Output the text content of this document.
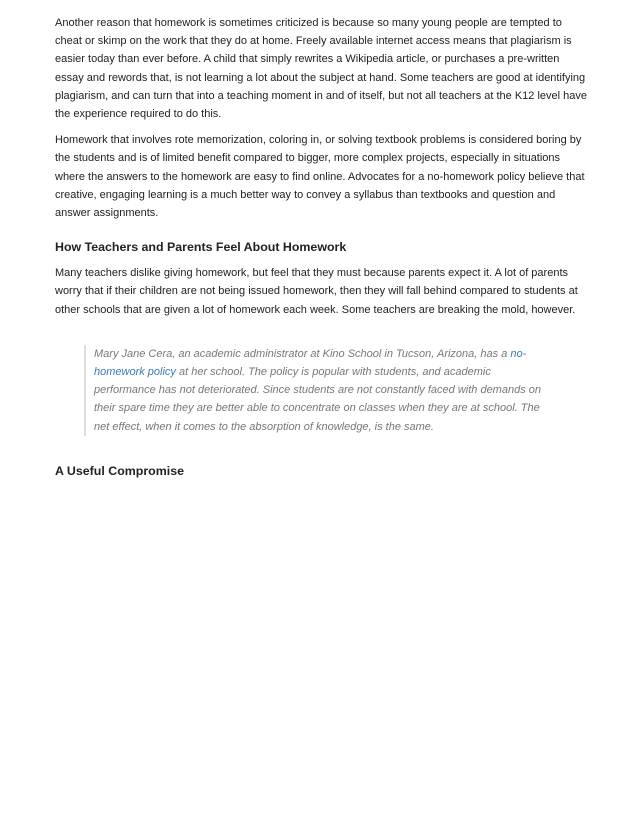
Another reason that homework is sometimes criticized is because so many young people are tempted to cheat or skimp on the work that they do at home. Freely available internet access means that plagiarism is easier today than ever before. A child that simply rewrites a Wikipedia article, or purchases a pre-written essay and rewords that, is not learning a lot about the subject at hand. Some teachers are good at identifying plagiarism, and can turn that into a teaching moment in and of itself, but not all teachers at the K12 level have the experience required to do this.

Homework that involves rote memorization, coloring in, or solving textbook problems is considered boring by the students and is of limited benefit compared to bigger, more complex projects, especially in situations where the answers to the homework are easy to find online. Advocates for a no-homework policy believe that creative, engaging learning is a much better way to convey a syllabus than textbooks and question and answer assignments.

How Teachers and Parents Feel About Homework

Many teachers dislike giving homework, but feel that they must because parents expect it. A lot of parents worry that if their children are not being issued homework, then they will fall behind compared to students at other schools that are given a lot of homework each week. Some teachers are breaking the mold, however.

Mary Jane Cera, an academic administrator at Kino School in Tucson, Arizona, has a no-homework policy at her school. The policy is popular with students, and academic performance has not deteriorated. Since students are not constantly faced with demands on their spare time they are better able to concentrate on classes when they are at school. The net effect, when it comes to the absorption of knowledge, is the same.
A Useful Compromise
